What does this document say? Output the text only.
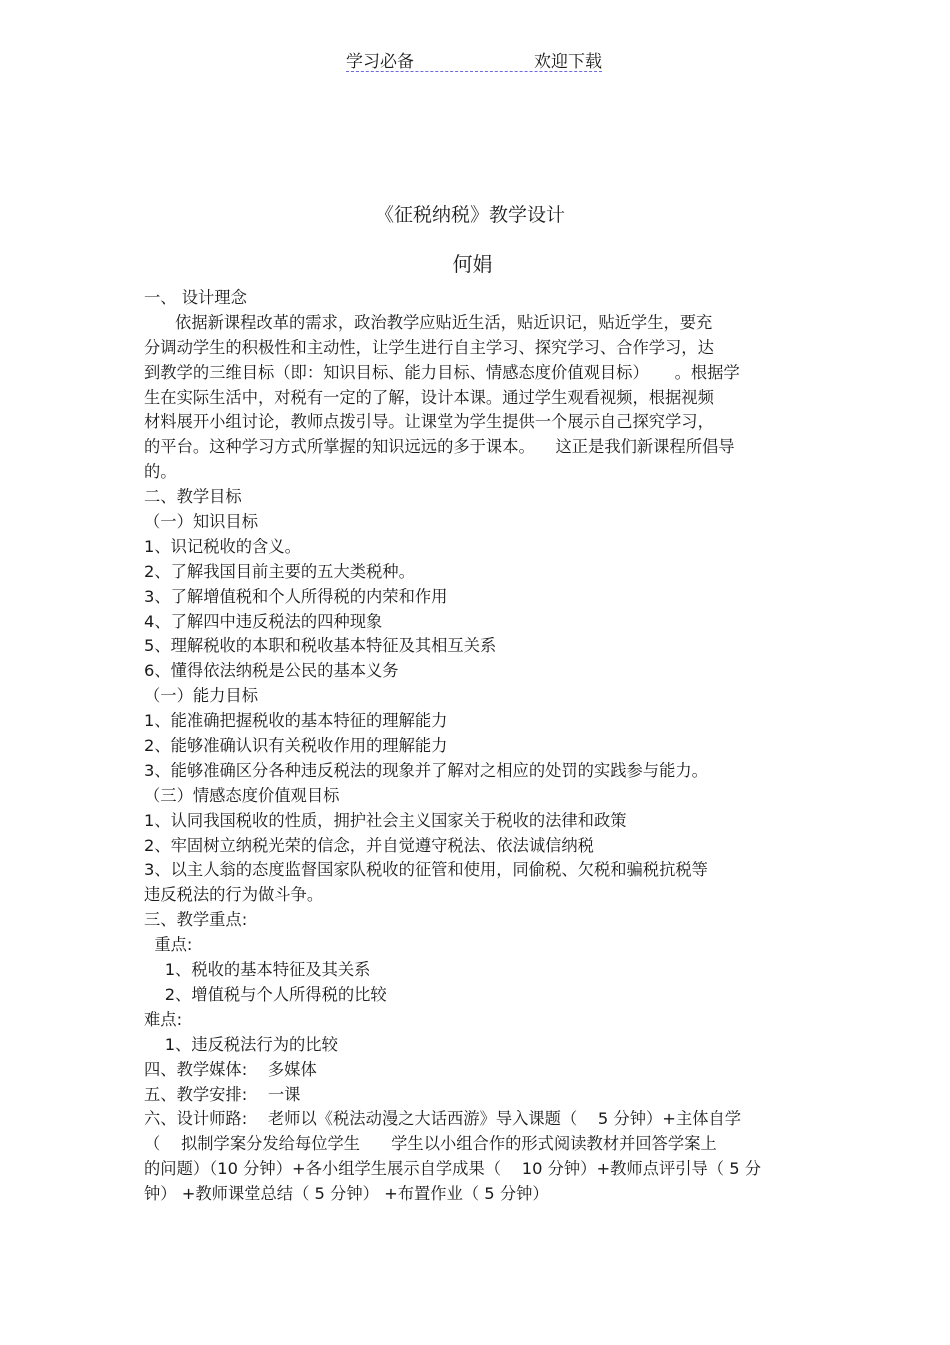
学习必备	欢迎下载
《征税纳税》教学设计
何娟
一、 设计理念
依据新课程改革的需求，政治教学应贴近生活，贴近识记，贴近学生，要充
分调动学生的积极性和主动性，让学生进行自主学习、探究学习、合作学习，达
到教学的三维目标（即：知识目标、能力目标、情感态度价值观目标）     。根据学
生在实际生活中，对税有一定的了解，设计本课。通过学生观看视频，根据视频
材料展开小组讨论，教师点拨引导。让课堂为学生提供一个展示自己探究学习，
的平台。这种学习方式所掌握的知识远远的多于课本。    这正是我们新课程所倡导
的。
二、教学目标
（一）知识目标
1、识记税收的含义。
2、了解我国目前主要的五大类税种。
3、了解增值税和个人所得税的内荣和作用
4、了解四中违反税法的四种现象
5、理解税收的本职和税收基本特征及其相互关系
6、懂得依法纳税是公民的基本义务
（一）能力目标
1、能准确把握税收的基本特征的理解能力
2、能够准确认识有关税收作用的理解能力
3、能够准确区分各种违反税法的现象并了解对之相应的处罚的实践参与能力。
（三）情感态度价值观目标
1、认同我国税收的性质，拥护社会主义国家关于税收的法律和政策
2、牢固树立纳税光荣的信念，并自觉遵守税法、依法诚信纳税
3、以主人翁的态度监督国家队税收的征管和使用，同偷税、欠税和骗税抗税等
违反税法的行为做斗争。
三、教学重点:
重点:
1、税收的基本特征及其关系
2、增值税与个人所得税的比较
难点:
1、违反税法行为的比较
四、教学媒体:    多媒体
五、教学安排:    一课
六、设计师路:    老师以《税法动漫之大话西游》导入课题（    5 分钟）+主体自学
（    拟制学案分发给每位学生      学生以小组合作的形式阅读教材并回答学案上
的问题）（10 分钟）+各小组学生展示自学成果（    10 分钟）+教师点评引导（ 5 分
钟） +教师课堂总结（ 5 分钟） +布置作业（ 5 分钟）
